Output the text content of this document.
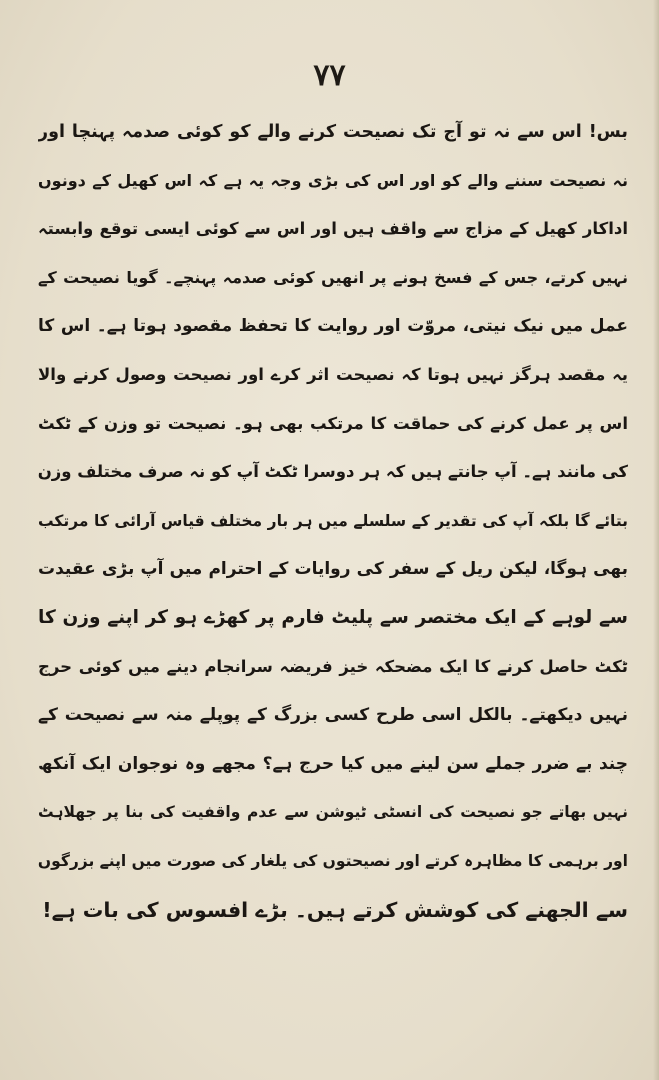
۷۷
بس! اس سے نہ تو آج تک نصیحت کرنے والے کو کوئی صدمہ پہنچا اور
نہ نصیحت سننے والے کو اور اس کی بڑی وجہ یہ ہے کہ اس کھیل کے دونوں
اداکار کھیل کے مزاج سے واقف ہیں اور اس سے کوئی ایسی توقع وابستہ
نہیں کرتے، جس کے فسخ ہونے پر انھیں کوئی صدمہ پہنچے۔ گویا نصیحت کے
عمل میں نیک نیتی، مروّت اور روایت کا تحفظ مقصود ہوتا ہے۔ اس کا
یہ مقصد ہرگز نہیں ہوتا کہ نصیحت اثر کرے اور نصیحت وصول کرنے والا
اس پر عمل کرنے کی حماقت کا مرتکب بھی ہو۔ نصیحت تو وزن کے ٹکٹ
کی مانند ہے۔ آپ جانتے ہیں کہ ہر دوسرا ٹکٹ آپ کو نہ صرف مختلف وزن
بتائے گا بلکہ آپ کی تقدیر کے سلسلے میں ہر بار مختلف قیاس آرائی کا مرتکب
بھی ہوگا، لیکن ریل کے سفر کی روایات کے احترام میں آپ بڑی عقیدت
سے لوہے کے ایک مختصر سے پلیٹ فارم پر کھڑے ہو کر اپنے وزن کا
ٹکٹ حاصل کرنے کا ایک مضحکہ خیز فریضہ سرانجام دینے میں کوئی حرج
نہیں دیکھتے۔ بالکل اسی طرح کسی بزرگ کے پوپلے منہ سے نصیحت کے
چند بے ضرر جملے سن لینے میں کیا حرج ہے؟ مجھے وہ نوجوان ایک آنکھ
نہیں بھاتے جو نصیحت کی انسٹی ٹیوشن سے عدم واقفیت کی بنا پر جھلاہٹ
اور برہمی کا مظاہرہ کرتے اور نصیحتوں کی یلغار کی صورت میں اپنے بزرگوں
سے الجھنے کی کوشش کرتے ہیں۔ بڑے افسوس کی بات ہے!
